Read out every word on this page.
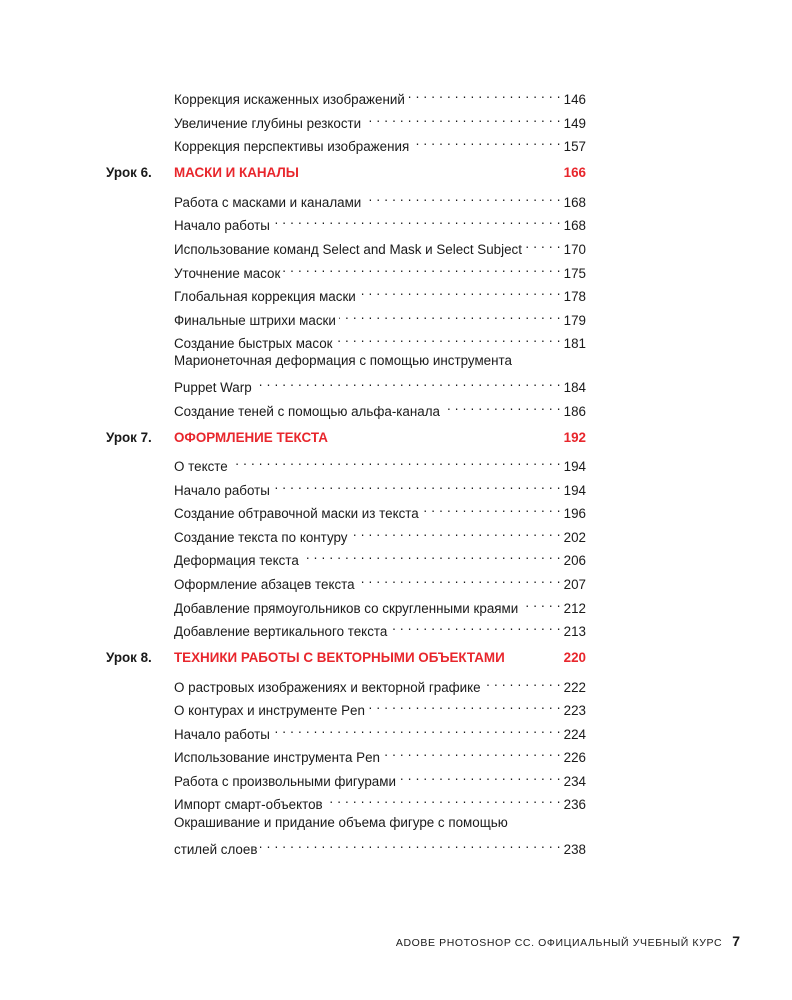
Коррекция искаженных изображений . . .	146
Увеличение глубины резкости . . .	149
Коррекция перспективы изображения . . .	157
Урок 6.	МАСКИ И КАНАЛЫ	166
Работа с масками и каналами . . .	168
Начало работы . . .	168
Использование команд Select and Mask и Select Subject . . .	170
Уточнение масок . . .	175
Глобальная коррекция маски . . .	178
Финальные штрихи маски . . .	179
Создание быстрых масок . . .	181
Марионеточная деформация с помощью инструмента
Puppet Warp . . .	184
Создание теней с помощью альфа-канала . . .	186
Урок 7.	ОФОРМЛЕНИЕ ТЕКСТА	192
О тексте . . .	194
Начало работы . . .	194
Создание обтравочной маски из текста . . .	196
Создание текста по контуру . . .	202
Деформация текста . . .	206
Оформление абзацев текста . . .	207
Добавление прямоугольников со скругленными краями . . .	212
Добавление вертикального текста . . .	213
Урок 8.	ТЕХНИКИ РАБОТЫ С ВЕКТОРНЫМИ ОБЪЕКТАМИ	220
О растровых изображениях и векторной графике . . .	222
О контурах и инструменте Pen . . .	223
Начало работы . . .	224
Использование инструмента Pen . . .	226
Работа с произвольными фигурами . . .	234
Импорт смарт-объектов . . .	236
Окрашивание и придание объема фигуре с помощью
стилей слоев . . .	238
ADOBE PHOTOSHOP CC. ОФИЦИАЛЬНЫЙ УЧЕБНЫЙ КУРС 7
